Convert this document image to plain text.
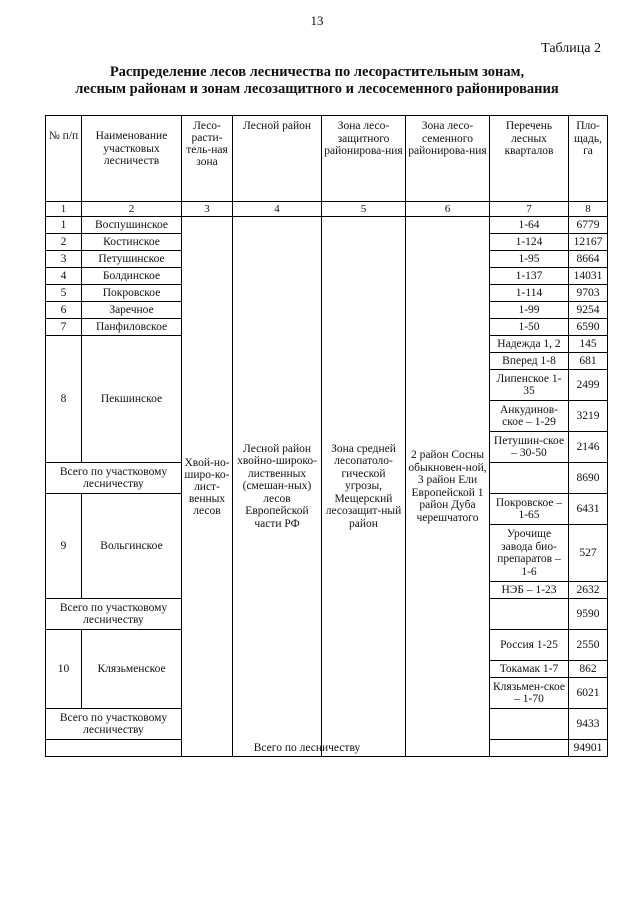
13
Таблица 2
Распределение лесов лесничества по лесорастительным зонам,
лесным районам и зонам лесозащитного и лесосеменного районирования
№ п/п	Наименование участковых лесничеств	Лесо-расти-тель-ная зона	Лесной район	Зона лесо-защитного районирова-ния	Зона лесо-семенного районирова-ния	Перечень лесных кварталов	Пло-щадь, га
1	2	3	4	5	6	7	8
1	Воспушинское	Хвой-но-широ-ко-лист-венных лесов	Лесной район хвойно-широко-лиственных (смешан-ных) лесов Европейской части РФ	Зона средней лесопатоло-гической угрозы, Мещерский лесозащит-ный район	2 район Сосны обыкновен-ной, 3 район Ели Европейской 1 район Дуба черешчатого	1-64	6779
2	Костинское					1-124	12167
3	Петушинское					1-95	8664
4	Болдинское					1-137	14031
5	Покровское					1-114	9703
6	Заречное					1-99	9254
7	Панфиловское					1-50	6590
8	Пекшинское					Надежда 1, 2	145
						Вперед 1-8	681
						Липенское 1-35	2499
						Анкудинов-ское – 1-29	3219
						Петушин-ское – 30-50	2146
Всего по участковому лесничеству							8690
9	Вольгинское					Покровское – 1-65	6431
						Урочище завода био-препаратов – 1-6	527
						НЭБ – 1-23	2632
Всего по участковому лесничеству							9590
10	Клязьменское					Россия 1-25	2550
						Токамак 1-7	862
						Клязьмен-ское – 1-70	6021
Всего по участковому лесничеству							9433
Всего по лесничеству							94901
